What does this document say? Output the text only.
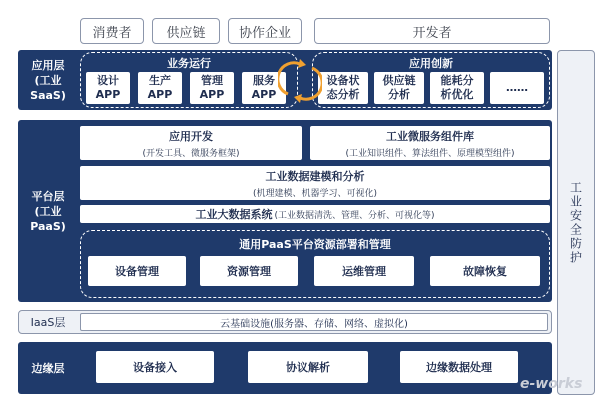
消费者	供应链	协作企业	开发者
工业安全防护
应用层
(工业SaaS)
业务运行
设计
APP
生产
APP
管理
APP
服务
APP
应用创新
设备状
态分析
供应链
分析
能耗分
析优化
……
平台层
(工业PaaS)
应用开发
(开发工具、微服务框架)
工业微服务组件库
(工业知识组件、算法组件、原理模型组件)
工业数据建模和分析
(机理建模、机器学习、可视化)
工业大数据系统 (工业数据清洗、管理、分析、可视化等)
通用PaaS平台资源部署和管理
设备管理	资源管理	运维管理	故障恢复
IaaS层	云基础设施(服务器、存储、网络、虚拟化)
边缘层	设备接入	协议解析	边缘数据处理
e-works
